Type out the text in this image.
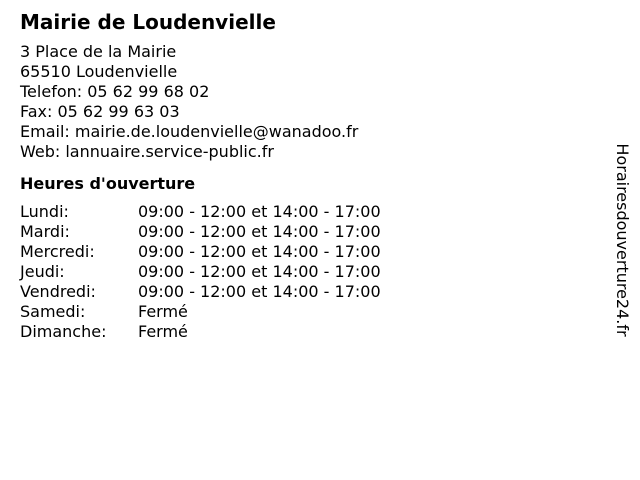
Mairie de Loudenvielle
3 Place de la Mairie
65510 Loudenvielle
Telefon: 05 62 99 68 02
Fax: 05 62 99 63 03
Email: mairie.de.loudenvielle@wanadoo.fr
Web: lannuaire.service-public.fr
Heures d'ouverture
Lundi:	09:00 - 12:00 et 14:00 - 17:00
Mardi:	09:00 - 12:00 et 14:00 - 17:00
Mercredi:	09:00 - 12:00 et 14:00 - 17:00
Jeudi:	09:00 - 12:00 et 14:00 - 17:00
Vendredi:	09:00 - 12:00 et 14:00 - 17:00
Samedi:	Fermé
Dimanche:	Fermé	Horairesdouverture24.fr
